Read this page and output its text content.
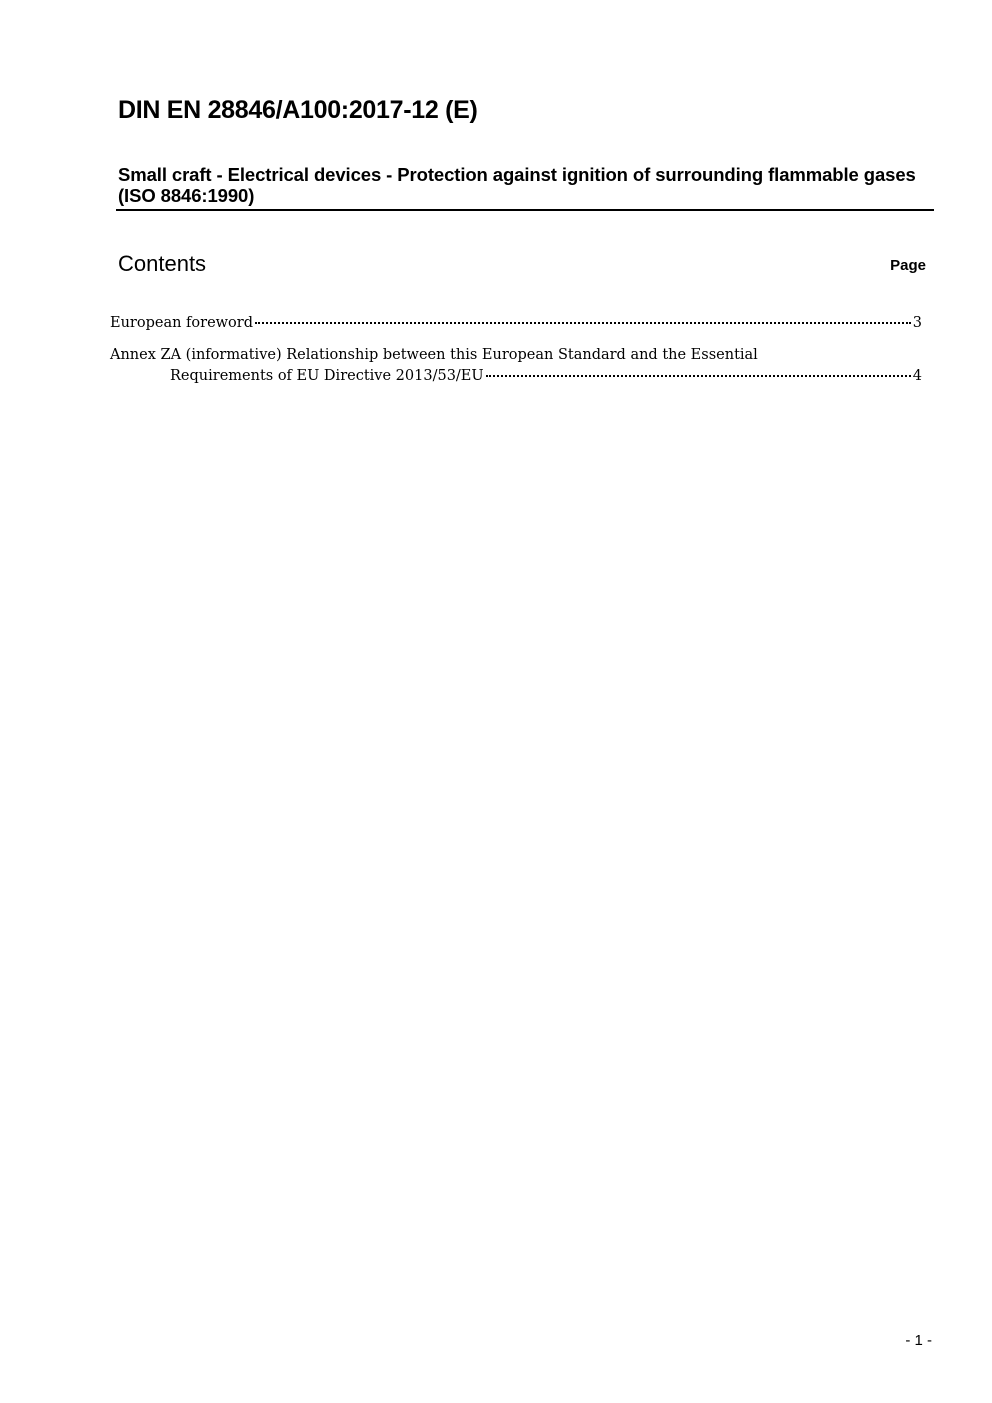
DIN EN 28846/A100:2017-12 (E)
Small craft - Electrical devices - Protection against ignition of surrounding flammable gases (ISO 8846:1990)
Contents	Page
European foreword	3
Annex ZA (informative) Relationship between this European Standard and the Essential
Requirements of EU Directive 2013/53/EU	4
- 1 -
